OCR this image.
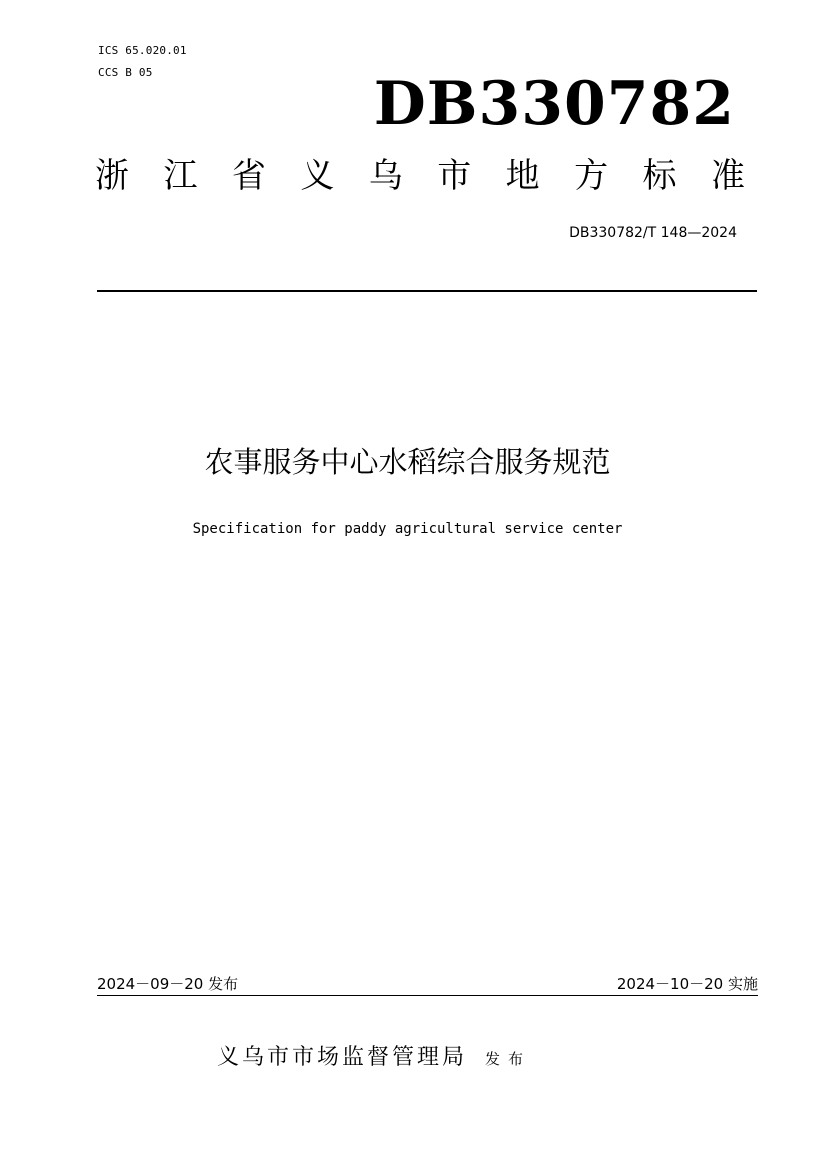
ICS 65.020.01
CCS B 05	DB330782
浙 江 省 义 乌 市 地 方 标 准
DB330782/T 148—2024
农事服务中心水稻综合服务规范
Specification for paddy agricultural service center
2024－09－20 发布	2024－10－20 实施
义乌市市场监督管理局 发布
